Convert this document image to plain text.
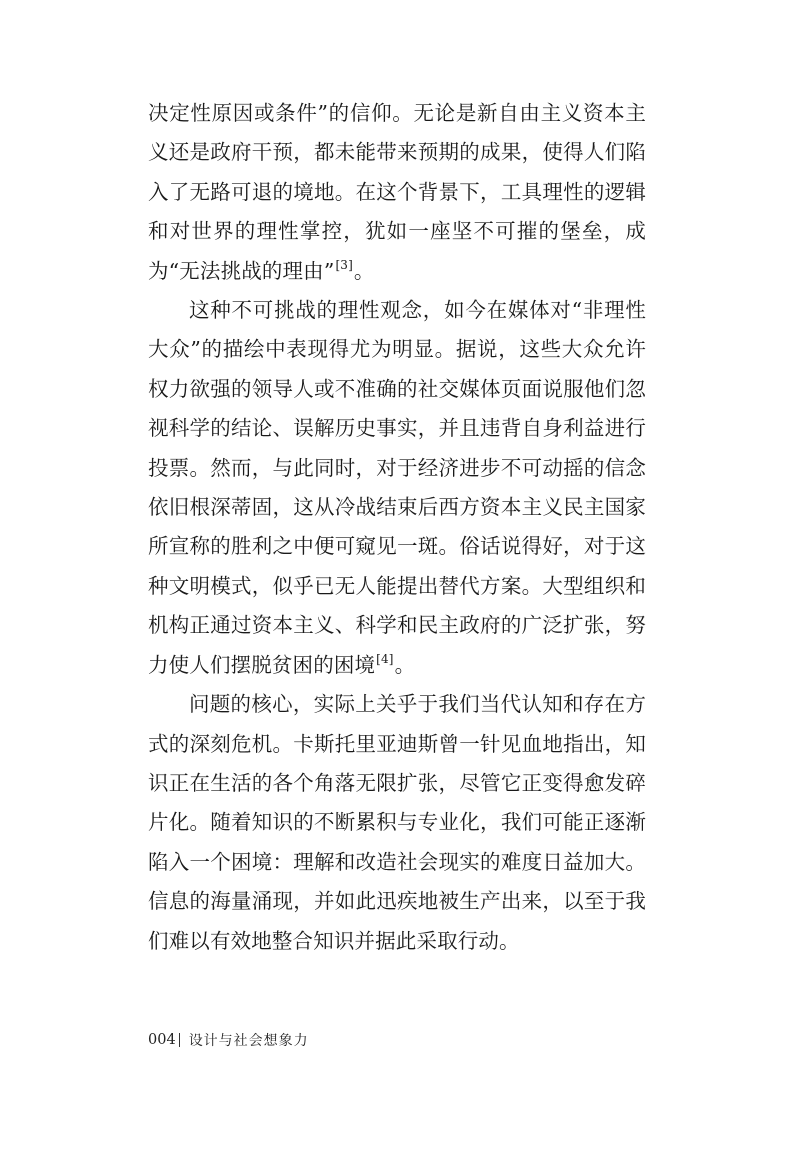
决定性原因或条件”的信仰。无论是新自由主义资本主义还是政府干预，都未能带来预期的成果，使得人们陷入了无路可退的境地。在这个背景下，工具理性的逻辑和对世界的理性掌控，犹如一座坚不可摧的堡垒，成为“无法挑战的理由”[3]。

这种不可挑战的理性观念，如今在媒体对“非理性大众”的描绘中表现得尤为明显。据说，这些大众允许权力欲强的领导人或不准确的社交媒体页面说服他们忽视科学的结论、误解历史事实，并且违背自身利益进行投票。然而，与此同时，对于经济进步不可动摇的信念依旧根深蒂固，这从冷战结束后西方资本主义民主国家所宣称的胜利之中便可窥见一斑。俗话说得好，对于这种文明模式，似乎已无人能提出替代方案。大型组织和机构正通过资本主义、科学和民主政府的广泛扩张，努力使人们摆脱贫困的困境[4]。

问题的核心，实际上关乎于我们当代认知和存在方式的深刻危机。卡斯托里亚迪斯曾一针见血地指出，知识正在生活的各个角落无限扩张，尽管它正变得愈发碎片化。随着知识的不断累积与专业化，我们可能正逐渐陷入一个困境：理解和改造社会现实的难度日益加大。信息的海量涌现，并如此迅疾地被生产出来，以至于我们难以有效地整合知识并据此采取行动。

004 设计与社会想象力
